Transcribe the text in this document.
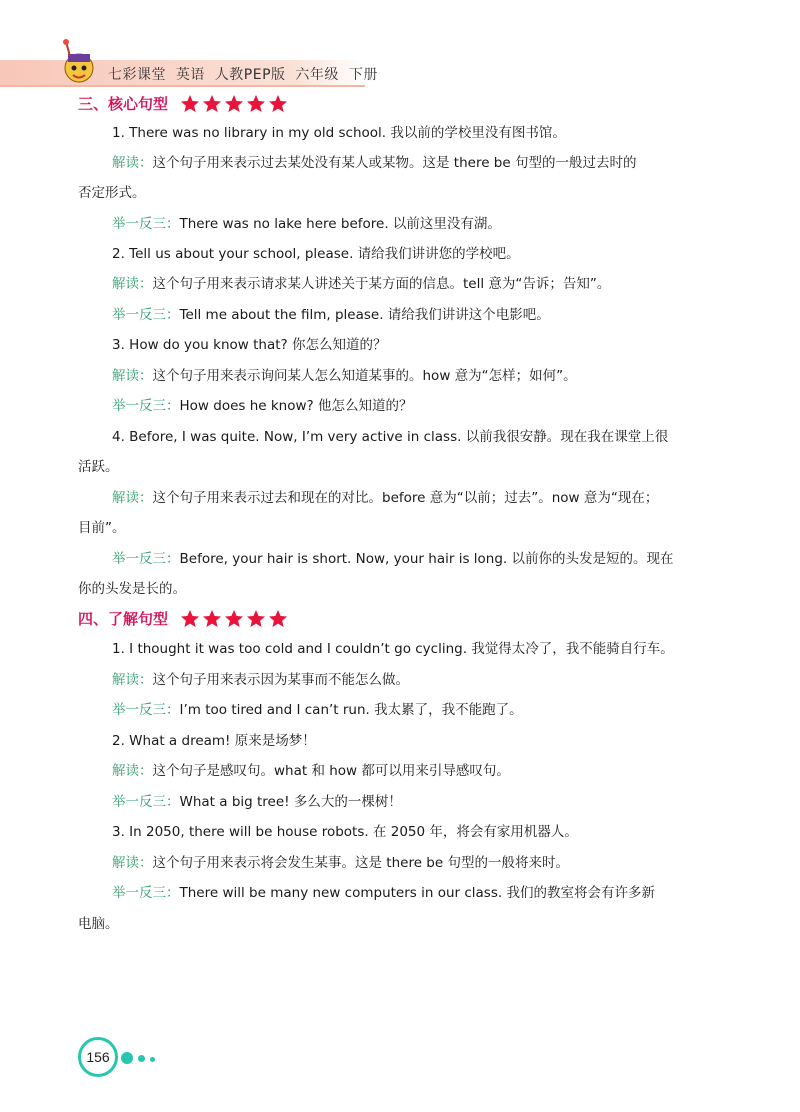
七彩课堂  英语  人教PEP版  六年级  下册
三、核心句型
1. There was no library in my old school. 我以前的学校里没有图书馆。
解读：这个句子用来表示过去某处没有某人或某物。这是 there be 句型的一般过去时的
否定形式。
举一反三：There was no lake here before. 以前这里没有湖。
2. Tell us about your school, please. 请给我们讲讲您的学校吧。
解读：这个句子用来表示请求某人讲述关于某方面的信息。tell 意为“告诉；告知”。
举一反三：Tell me about the film, please. 请给我们讲讲这个电影吧。
3. How do you know that? 你怎么知道的？
解读：这个句子用来表示询问某人怎么知道某事的。how 意为“怎样；如何”。
举一反三：How does he know? 他怎么知道的？
4. Before, I was quite. Now, I’m very active in class. 以前我很安静。现在我在课堂上很
活跃。
解读：这个句子用来表示过去和现在的对比。before 意为“以前；过去”。now 意为“现在；
目前”。
举一反三：Before, your hair is short. Now, your hair is long. 以前你的头发是短的。现在
你的头发是长的。
四、了解句型
1. I thought it was too cold and I couldn’t go cycling. 我觉得太冷了，我不能骑自行车。
解读：这个句子用来表示因为某事而不能怎么做。
举一反三：I’m too tired and I can’t run. 我太累了，我不能跑了。
2. What a dream! 原来是场梦！
解读：这个句子是感叹句。what 和 how 都可以用来引导感叹句。
举一反三：What a big tree! 多么大的一棵树！
3. In 2050, there will be house robots. 在 2050 年，将会有家用机器人。
解读：这个句子用来表示将会发生某事。这是 there be 句型的一般将来时。
举一反三：There will be many new computers in our class. 我们的教室将会有许多新
电脑。
156
